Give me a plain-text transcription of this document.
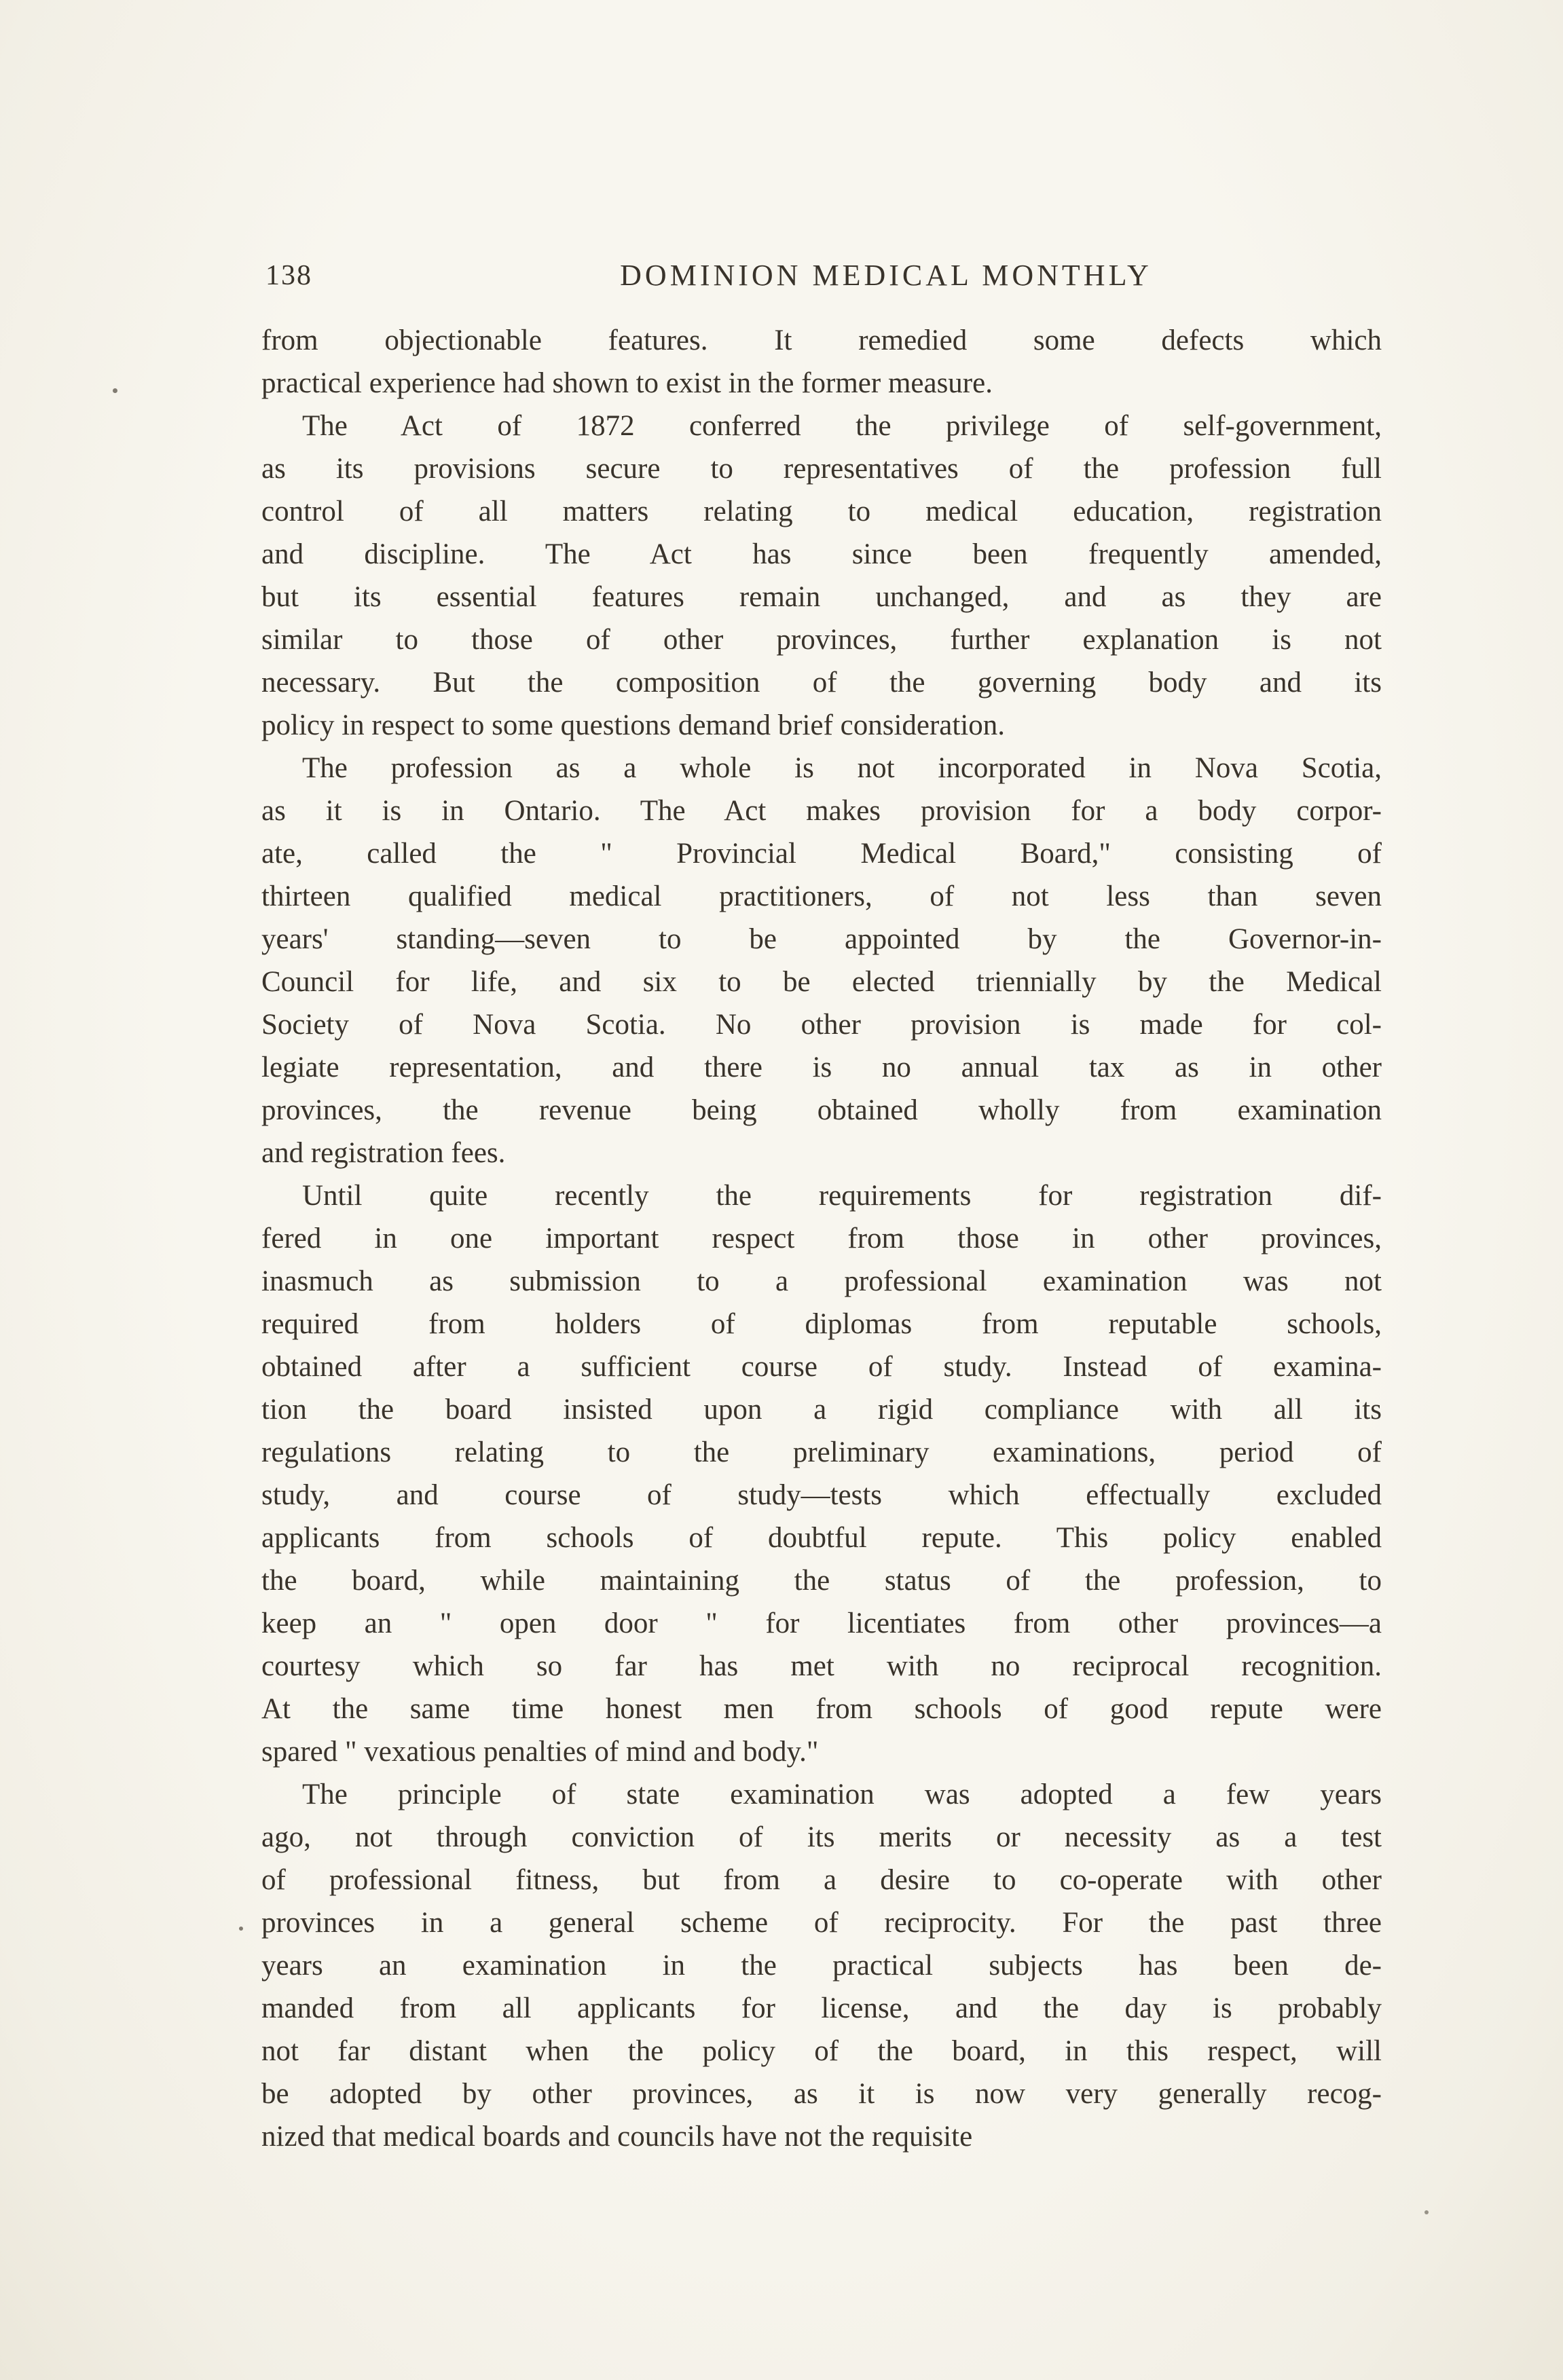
138	DOMINION MEDICAL MONTHLY
from objectionable features. It remedied some defects which
practical experience had shown to exist in the former measure.
The Act of 1872 conferred the privilege of self-government,
as its provisions secure to representatives of the profession full
control of all matters relating to medical education, registration
and discipline. The Act has since been frequently amended,
but its essential features remain unchanged, and as they are
similar to those of other provinces, further explanation is not
necessary. But the composition of the governing body and its
policy in respect to some questions demand brief consideration.
The profession as a whole is not incorporated in Nova Scotia,
as it is in Ontario. The Act makes provision for a body corpor-
ate, called the " Provincial Medical Board," consisting of
thirteen qualified medical practitioners, of not less than seven
years' standing—seven to be appointed by the Governor-in-
Council for life, and six to be elected triennially by the Medical
Society of Nova Scotia. No other provision is made for col-
legiate representation, and there is no annual tax as in other
provinces, the revenue being obtained wholly from examination
and registration fees.
Until quite recently the requirements for registration dif-
fered in one important respect from those in other provinces,
inasmuch as submission to a professional examination was not
required from holders of diplomas from reputable schools,
obtained after a sufficient course of study. Instead of examina-
tion the board insisted upon a rigid compliance with all its
regulations relating to the preliminary examinations, period of
study, and course of study—tests which effectually excluded
applicants from schools of doubtful repute. This policy enabled
the board, while maintaining the status of the profession, to
keep an " open door " for licentiates from other provinces—a
courtesy which so far has met with no reciprocal recognition.
At the same time honest men from schools of good repute were
spared " vexatious penalties of mind and body."
The principle of state examination was adopted a few years
ago, not through conviction of its merits or necessity as a test
of professional fitness, but from a desire to co-operate with other
provinces in a general scheme of reciprocity. For the past three
years an examination in the practical subjects has been de-
manded from all applicants for license, and the day is probably
not far distant when the policy of the board, in this respect, will
be adopted by other provinces, as it is now very generally recog-
nized that medical boards and councils have not the requisite
